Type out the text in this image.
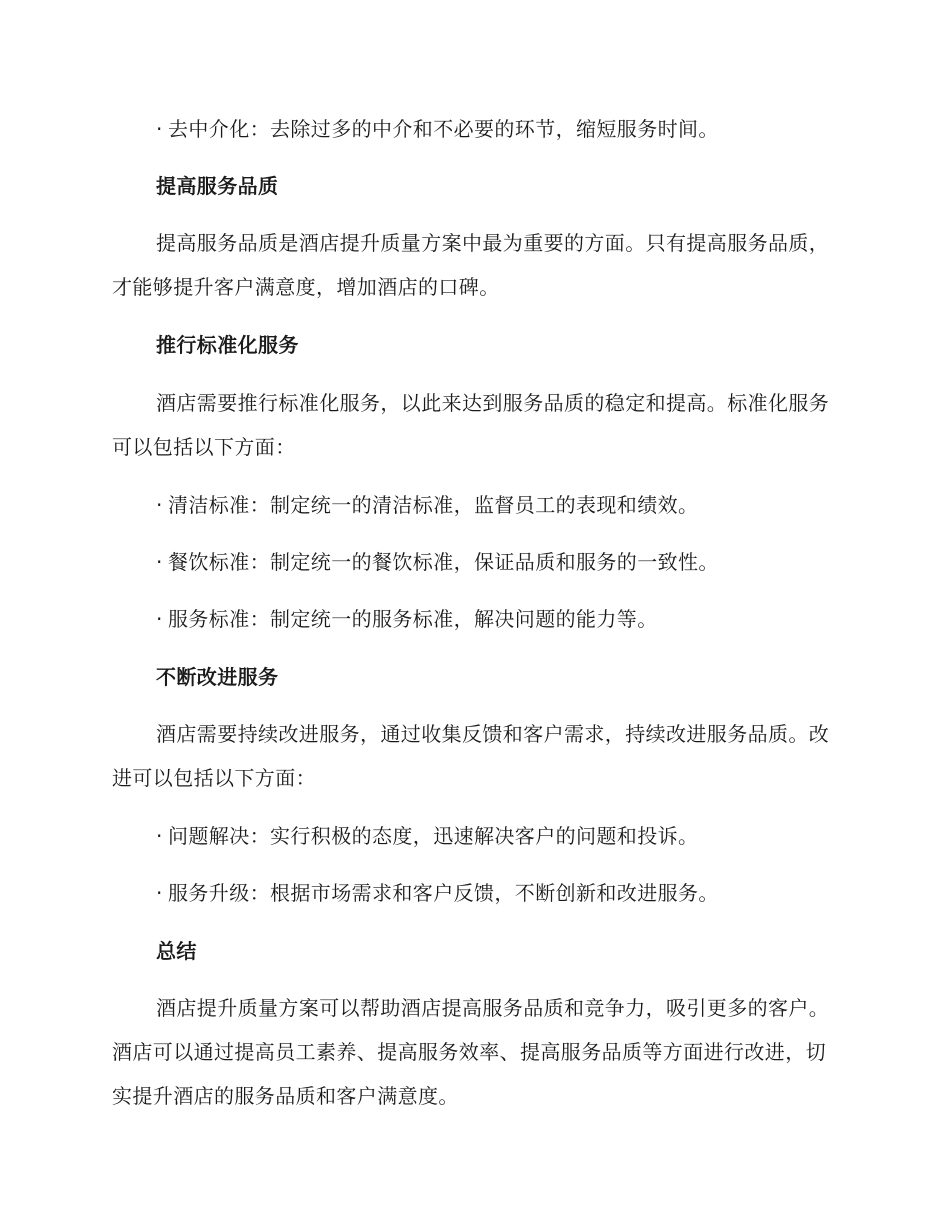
· 去中介化：去除过多的中介和不必要的环节，缩短服务时间。

提高服务品质

提高服务品质是酒店提升质量方案中最为重要的方面。只有提高服务品质，才能够提升客户满意度，增加酒店的口碑。

推行标准化服务

酒店需要推行标准化服务，以此来达到服务品质的稳定和提高。标准化服务可以包括以下方面：

· 清洁标准：制定统一的清洁标准，监督员工的表现和绩效。

· 餐饮标准：制定统一的餐饮标准，保证品质和服务的一致性。

· 服务标准：制定统一的服务标准，解决问题的能力等。

不断改进服务

酒店需要持续改进服务，通过收集反馈和客户需求，持续改进服务品质。改进可以包括以下方面：

· 问题解决：实行积极的态度，迅速解决客户的问题和投诉。

· 服务升级：根据市场需求和客户反馈，不断创新和改进服务。

总结

酒店提升质量方案可以帮助酒店提高服务品质和竞争力，吸引更多的客户。酒店可以通过提高员工素养、提高服务效率、提高服务品质等方面进行改进，切实提升酒店的服务品质和客户满意度。
